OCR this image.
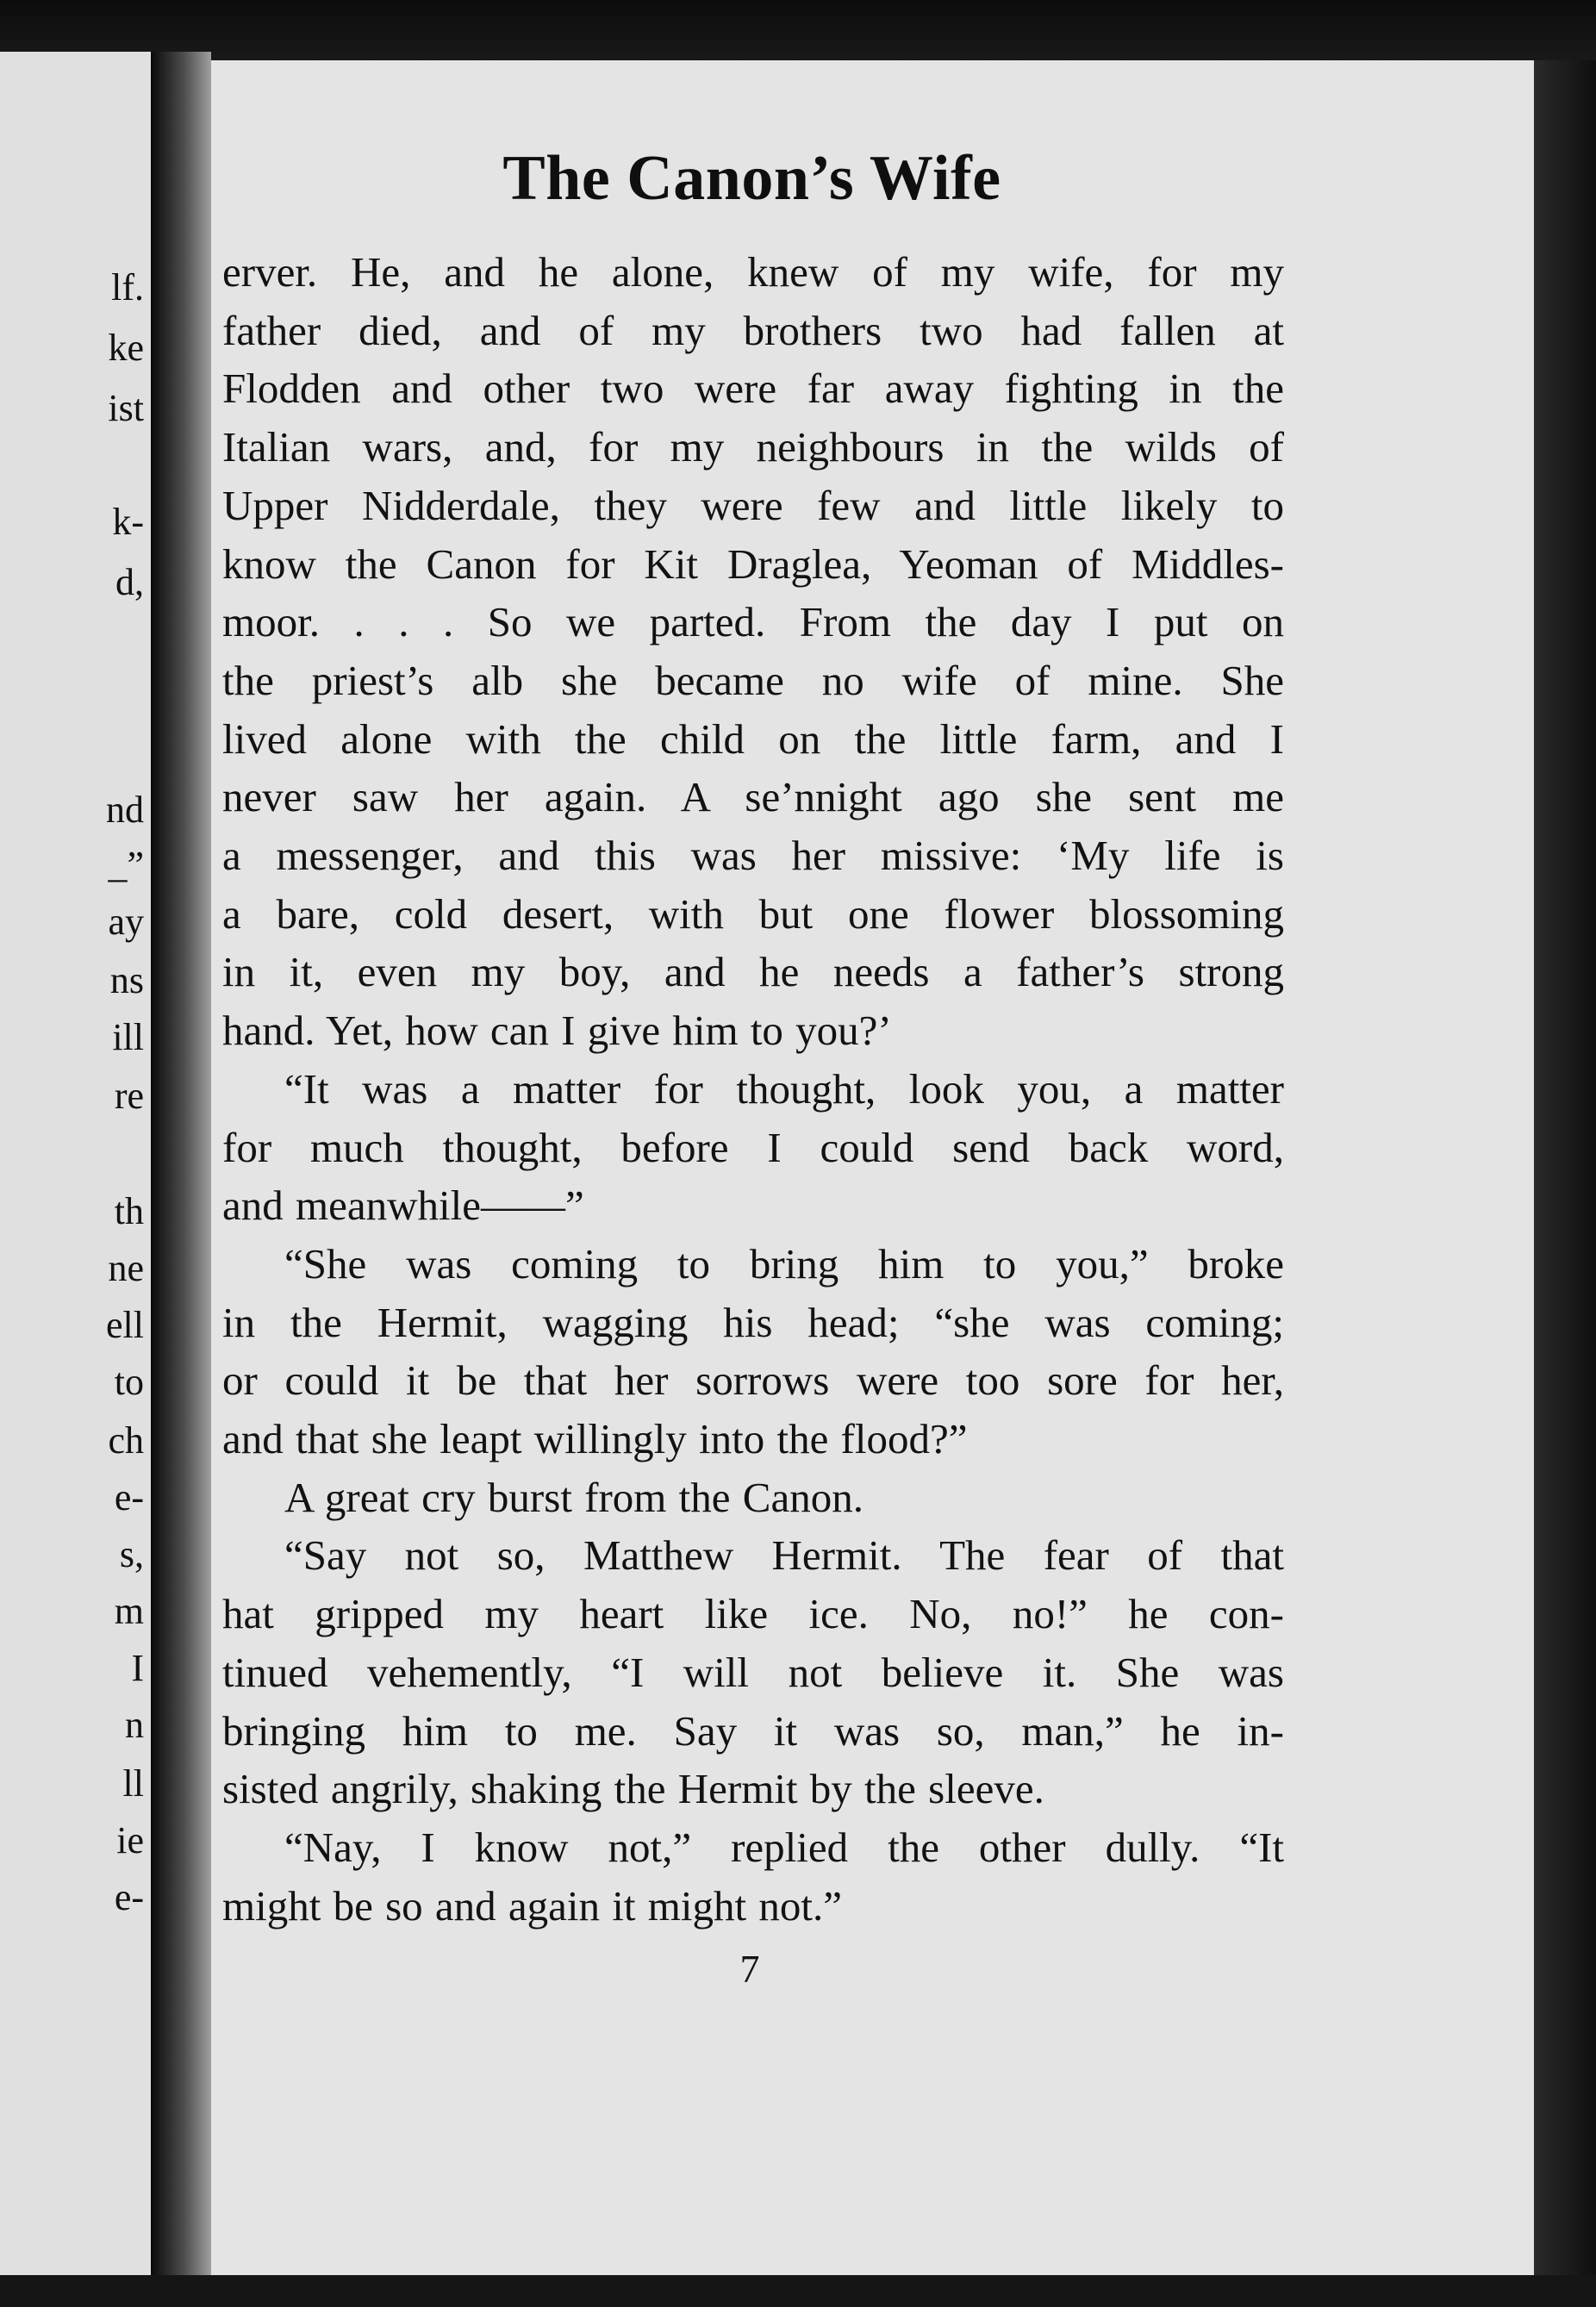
lf.
ke
ist
k-
d,
nd
_”
ay
ns
ill
re
th
ne
ell
to
ch
e-
s,
m
I
n
ll
ie
e-
The Canon’s Wife

erver. He, and he alone, knew of my wife, for my
father died, and of my brothers two had fallen at
Flodden and other two were far away fighting in the
Italian wars, and, for my neighbours in the wilds of
Upper Nidderdale, they were few and little likely to
know the Canon for Kit Draglea, Yeoman of Middles-
moor. . . . So we parted. From the day I put on
the priest’s alb she became no wife of mine. She
lived alone with the child on the little farm, and I
never saw her again. A se’nnight ago she sent me
a messenger, and this was her missive: ‘My life is
a bare, cold desert, with but one flower blossoming
in it, even my boy, and he needs a father’s strong
hand. Yet, how can I give him to you?’

“It was a matter for thought, look you, a matter
for much thought, before I could send back word,
and meanwhile——”

“She was coming to bring him to you,” broke
in the Hermit, wagging his head; “she was coming;
or could it be that her sorrows were too sore for her,
and that she leapt willingly into the flood?”

A great cry burst from the Canon.

“Say not so, Matthew Hermit. The fear of that
hat gripped my heart like ice. No, no!” he con-
tinued vehemently, “I will not believe it. She was
bringing him to me. Say it was so, man,” he in-
sisted angrily, shaking the Hermit by the sleeve.

“Nay, I know not,” replied the other dully. “It
might be so and again it might not.”

7
